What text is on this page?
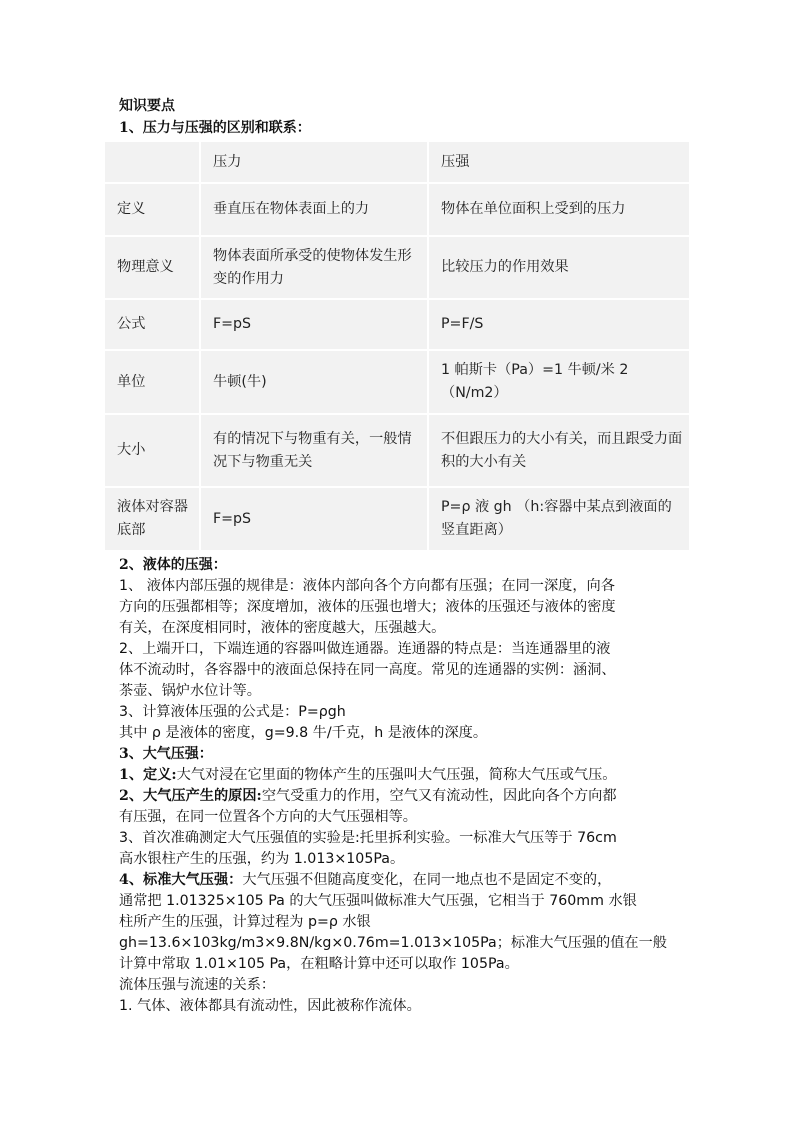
知识要点
1、压力与压强的区别和联系：
	压力	压强
定义	垂直压在物体表面上的力	物体在单位面积上受到的压力
物理意义	物体表面所承受的使物体发生形变的作用力	比较压力的作用效果
公式	F=pS	P=F/S
单位	牛顿(牛)	1 帕斯卡（Pa）=1 牛顿/米 2（N/m2）
大小	有的情况下与物重有关，一般情况下与物重无关	不但跟压力的大小有关，而且跟受力面积的大小有关
液体对容器底部	F=pS	P=ρ 液 gh （h:容器中某点到液面的竖直距离）
2、液体的压强：
1、 液体内部压强的规律是：液体内部向各个方向都有压强；在同一深度，向各
方向的压强都相等；深度增加，液体的压强也增大；液体的压强还与液体的密度
有关，在深度相同时，液体的密度越大，压强越大。
2、上端开口，下端连通的容器叫做连通器。连通器的特点是：当连通器里的液
体不流动时，各容器中的液面总保持在同一高度。常见的连通器的实例：涵洞、
茶壶、锅炉水位计等。
3、计算液体压强的公式是：P=ρgh
其中 ρ 是液体的密度，g=9.8 牛/千克，h 是液体的深度。
3、大气压强：
1、定义:大气对浸在它里面的物体产生的压强叫大气压强，简称大气压或气压。
2、大气压产生的原因:空气受重力的作用，空气又有流动性，因此向各个方向都
有压强，在同一位置各个方向的大气压强相等。
3、首次准确测定大气压强值的实验是:托里拆利实验。一标准大气压等于 76cm
高水银柱产生的压强，约为 1.013×105Pa。
4、标准大气压强：大气压强不但随高度变化，在同一地点也不是固定不变的，
通常把 1.01325×105 Pa 的大气压强叫做标准大气压强，它相当于 760mm 水银
柱所产生的压强，计算过程为 p=ρ 水银
gh=13.6×103kg/m3×9.8N/kg×0.76m=1.013×105Pa；标准大气压强的值在一般
计算中常取 1.01×105 Pa，在粗略计算中还可以取作 105Pa。
流体压强与流速的关系：
1. 气体、液体都具有流动性，因此被称作流体。
